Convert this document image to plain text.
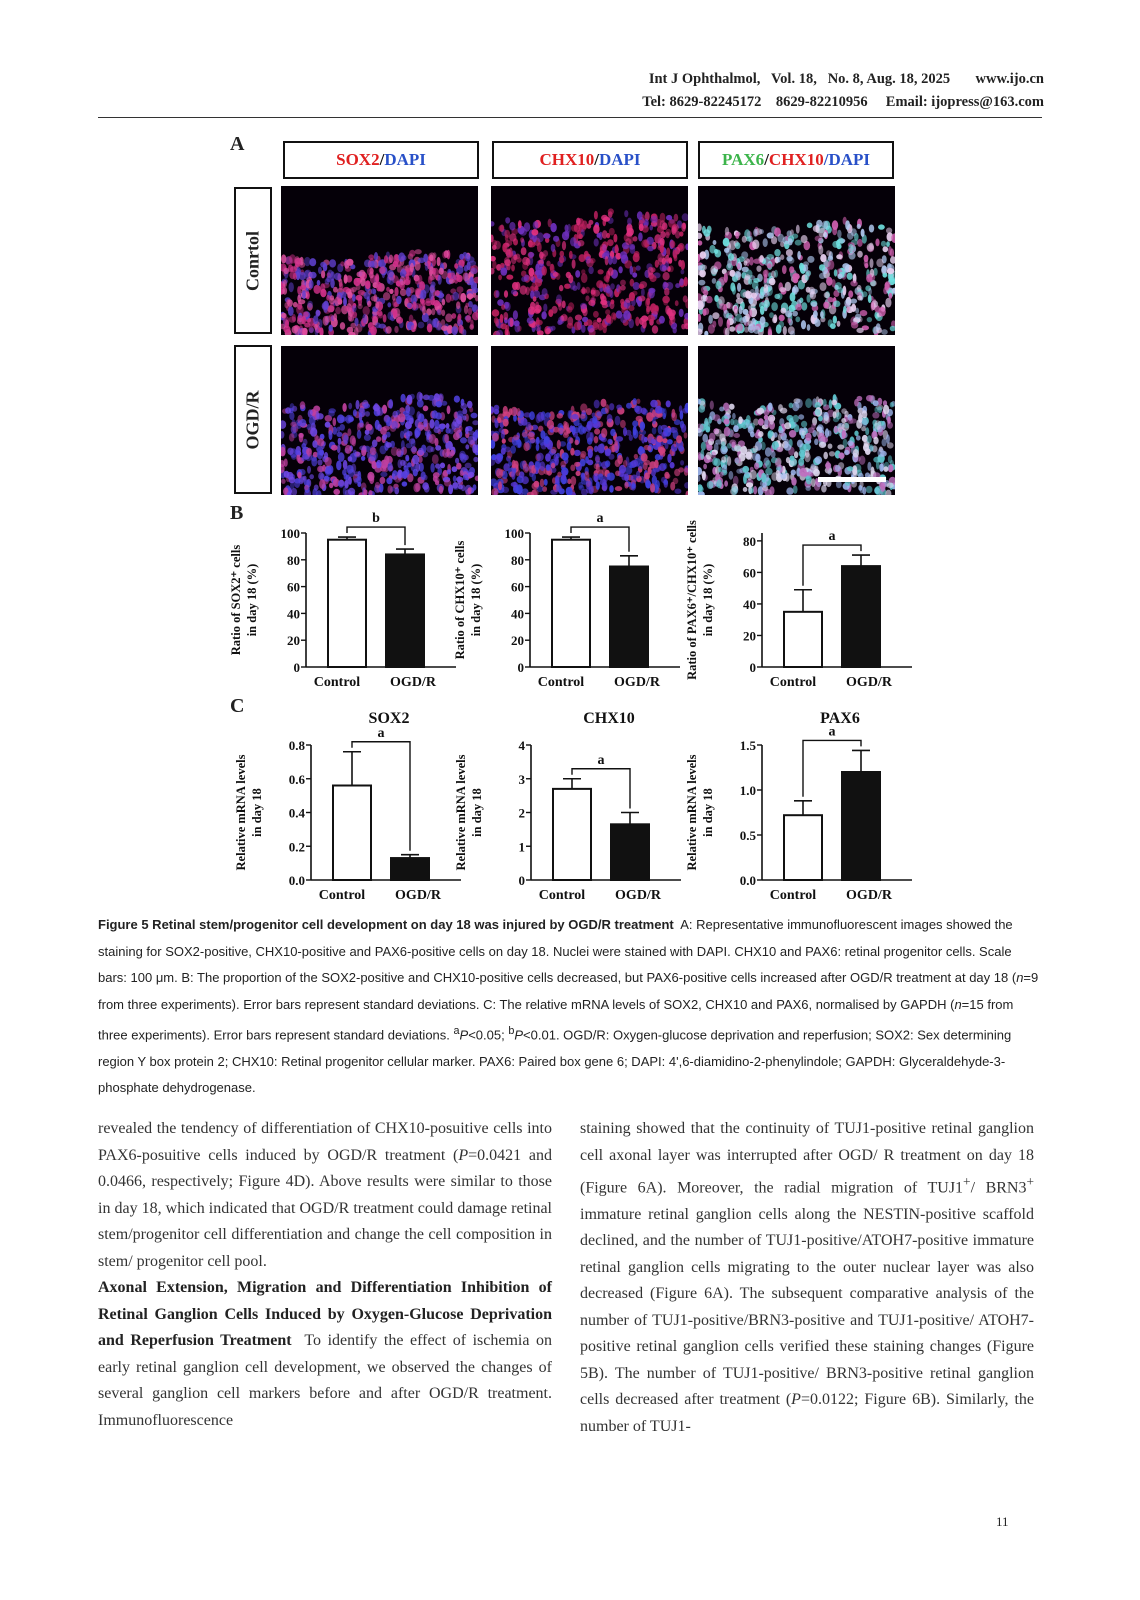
Int J Ophthalmol,   Vol. 18,   No. 8, Aug. 18, 2025       www.ijo.cn
Tel: 8629-82245172    8629-82210956     Email: ijopress@163.com
A
B
C
SOX2/DAPI	CHX10/DAPI	PAX6/CHX10/DAPI
Conrtol
OGD/R
0
20
40
60
80
100
Control OGD/R
b
Ratio of SOX2⁺ cells in day 18 (%)
0
20
40
60
80
100
Control OGD/R
a
Ratio of CHX10⁺ cells in day 18 (%)
0
20
40
60
80
Control OGD/R
a
Ratio of PAX6⁺/CHX10⁺ cells in day 18 (%)
0.0
0.2
0.4
0.6
0.8
Control OGD/R
a
SOX2
Relative mRNA levels in day 18
0
1
2
3
4
Control OGD/R
a
CHX10
Relative mRNA levels in day 18
0.0
0.5
1.0
1.5
Control OGD/R
a
PAX6
Relative mRNA levels in day 18
Figure 5 Retinal stem/progenitor cell development on day 18 was injured by OGD/R treatment A: Representative immunofluorescent images showed the staining for SOX2-positive, CHX10-positive and PAX6-positive cells on day 18. Nuclei were stained with DAPI. CHX10 and PAX6: retinal progenitor cells. Scale bars: 100 μm. B: The proportion of the SOX2-positive and CHX10-positive cells decreased, but PAX6-positive cells increased after OGD/R treatment at day 18 (n=9 from three experiments). Error bars represent standard deviations. C: The relative mRNA levels of SOX2, CHX10 and PAX6, normalised by GAPDH (n=15 from three experiments). Error bars represent standard deviations. $^a$P<0.05; $^b$P<0.01. OGD/R: Oxygen-glucose deprivation and reperfusion; SOX2: Sex determining region Y box protein 2; CHX10: Retinal progenitor cellular marker. PAX6: Paired box gene 6; DAPI: 4',6-diamidino-2-phenylindole; GAPDH: Glyceraldehyde-3-phosphate dehydrogenase.
revealed the tendency of differentiation of CHX10-posuitive cells into PAX6-posuitive cells induced by OGD/R treatment (P=0.0421 and 0.0466, respectively; Figure 4D). Above results were similar to those in day 18, which indicated that OGD/R treatment could damage retinal stem/progenitor cell differentiation and change the cell composition in stem/ progenitor cell pool.
Axonal Extension, Migration and Differentiation Inhibition of Retinal Ganglion Cells Induced by Oxygen-Glucose Deprivation and Reperfusion Treatment To identify the effect of ischemia on early retinal ganglion cell development, we observed the changes of several ganglion cell markers before and after OGD/R treatment. Immunofluorescence
staining showed that the continuity of TUJ1-positive retinal ganglion cell axonal layer was interrupted after OGD/ R treatment on day 18 (Figure 6A). Moreover, the radial migration of TUJ1+/ BRN3+ immature retinal ganglion cells along the NESTIN-positive scaffold declined, and the number of TUJ1-positive/ATOH7-positive immature retinal ganglion cells migrating to the outer nuclear layer was also decreased (Figure 6A). The subsequent comparative analysis of the number of TUJ1-positive/BRN3-positive and TUJ1-positive/ ATOH7-positive retinal ganglion cells verified these staining changes (Figure 5B). The number of TUJ1-positive/ BRN3-positive retinal ganglion cells decreased after treatment (P=0.0122; Figure 6B). Similarly, the number of TUJ1-
11
